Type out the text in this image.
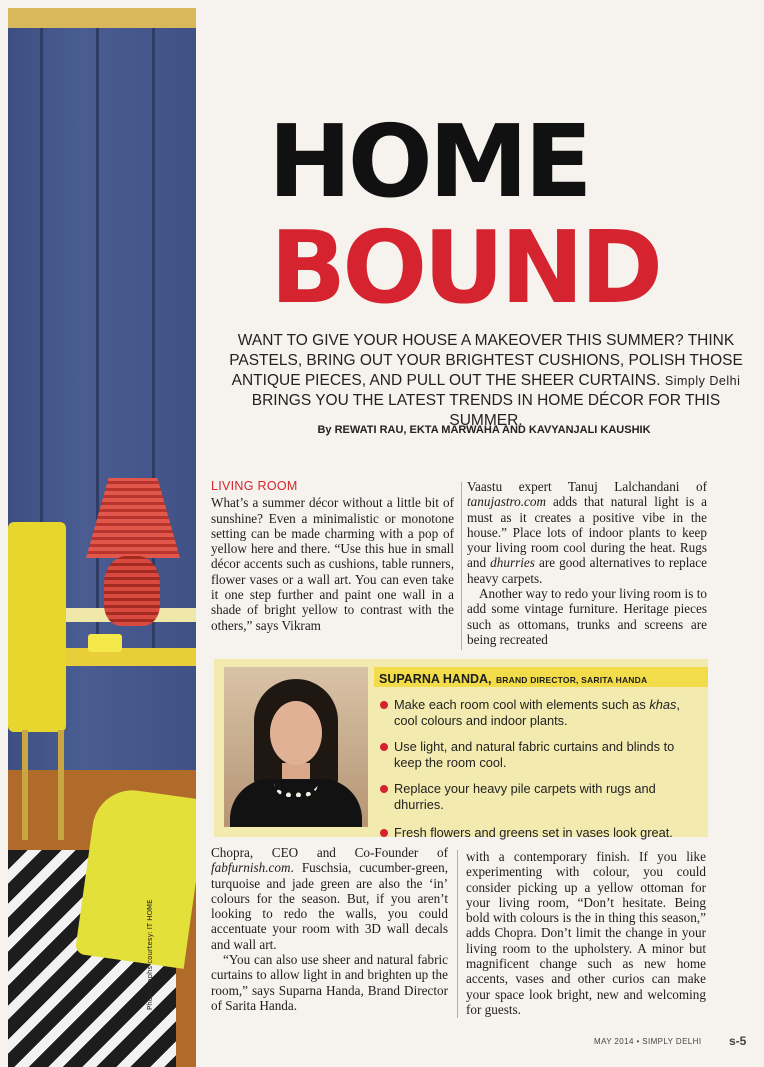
Photographs courtesy: IT HOME
HOME
BOUND
WANT TO GIVE YOUR HOUSE A MAKEOVER THIS SUMMER? THINK PASTELS, BRING OUT YOUR BRIGHTEST CUSHIONS, POLISH THOSE ANTIQUE PIECES, AND PULL OUT THE SHEER CURTAINS. Simply Delhi BRINGS YOU THE LATEST TRENDS IN HOME DÉCOR FOR THIS SUMMER.
By REWATI RAU, EKTA MARWAHA AND KAVYANJALI KAUSHIK
LIVING ROOM

What’s a summer décor without a little bit of sunshine? Even a minimalistic or monotone setting can be made charming with a pop of yellow here and there. “Use this hue in small décor accents such as cushions, table runners, flower vases or a wall art. You can even take it one step further and paint one wall in a shade of bright yellow to contrast with the others,” says Vikram

Vaastu expert Tanuj Lalchandani of tanujastro.com adds that natural light is a must as it creates a positive vibe in the house.” Place lots of indoor plants to keep your living room cool during the heat. Rugs and dhurries are good alternatives to replace heavy carpets.

Another way to redo your living room is to add some vintage furniture. Heritage pieces such as ottomans, trunks and screens are being recreated

SUPARNA HANDA, BRAND DIRECTOR, SARITA HANDA
Make each room cool with elements such as khas, cool colours and indoor plants.
Use light, and natural fabric curtains and blinds to keep the room cool.
Replace your heavy pile carpets with rugs and dhurries.
Fresh flowers and greens set in vases look great.

Chopra, CEO and Co-Founder of fabfurnish.com. Fuschsia, cucumber-green, turquoise and jade green are also the ‘in’ colours for the season. But, if you aren’t looking to redo the walls, you could accentuate your room with 3D wall decals and wall art.

“You can also use sheer and natural fabric curtains to allow light in and brighten up the room,” says Suparna Handa, Brand Director of Sarita Handa.

with a contemporary finish. If you like experimenting with colour, you could consider picking up a yellow ottoman for your living room, “Don’t hesitate. Being bold with colours is the in thing this season,” adds Chopra. Don’t limit the change in your living room to the upholstery. A minor but magnificent change such as new home accents, vases and other curios can make your space look bright, new and welcoming for guests.

MAY 2014 • SIMPLY DELHI s-5
